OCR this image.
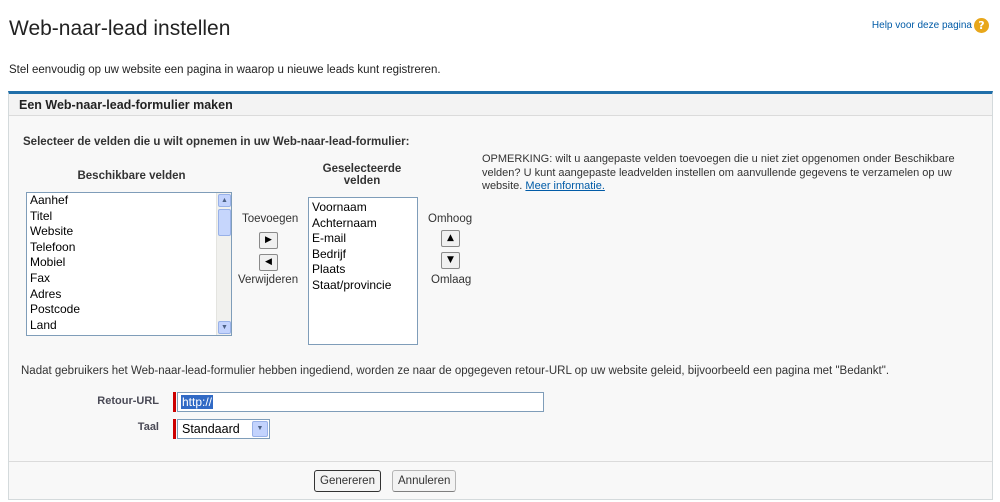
Web-naar-lead instellen	Help voor deze pagina ?
Stel eenvoudig op uw website een pagina in waarop u nieuwe leads kunt registreren.
Een Web-naar-lead-formulier maken
Selecteer de velden die u wilt opnemen in uw Web-naar-lead-formulier:
Beschikbare velden
Aanhef
Titel
Website
Telefoon
Mobiel
Fax
Adres
Postcode
Land
▲
▼
Toevoegen
▶
◀
Verwijderen
Geselecteerde
velden
Voornaam
Achternaam
E-mail
Bedrijf
Plaats
Staat/provincie
Omhoog
▲
▼
Omlaag
OPMERKING: wilt u aangepaste velden toevoegen die u niet ziet opgenomen onder Beschikbare velden? U kunt aangepaste leadvelden instellen om aanvullende gegevens te verzamelen op uw website. Meer informatie.
Nadat gebruikers het Web-naar-lead-formulier hebben ingediend, worden ze naar de opgegeven retour-URL op uw website geleid, bijvoorbeeld een pagina met "Bedankt".
Retour-URL	http://
Taal Standaard	▼
Genereren	Annuleren
